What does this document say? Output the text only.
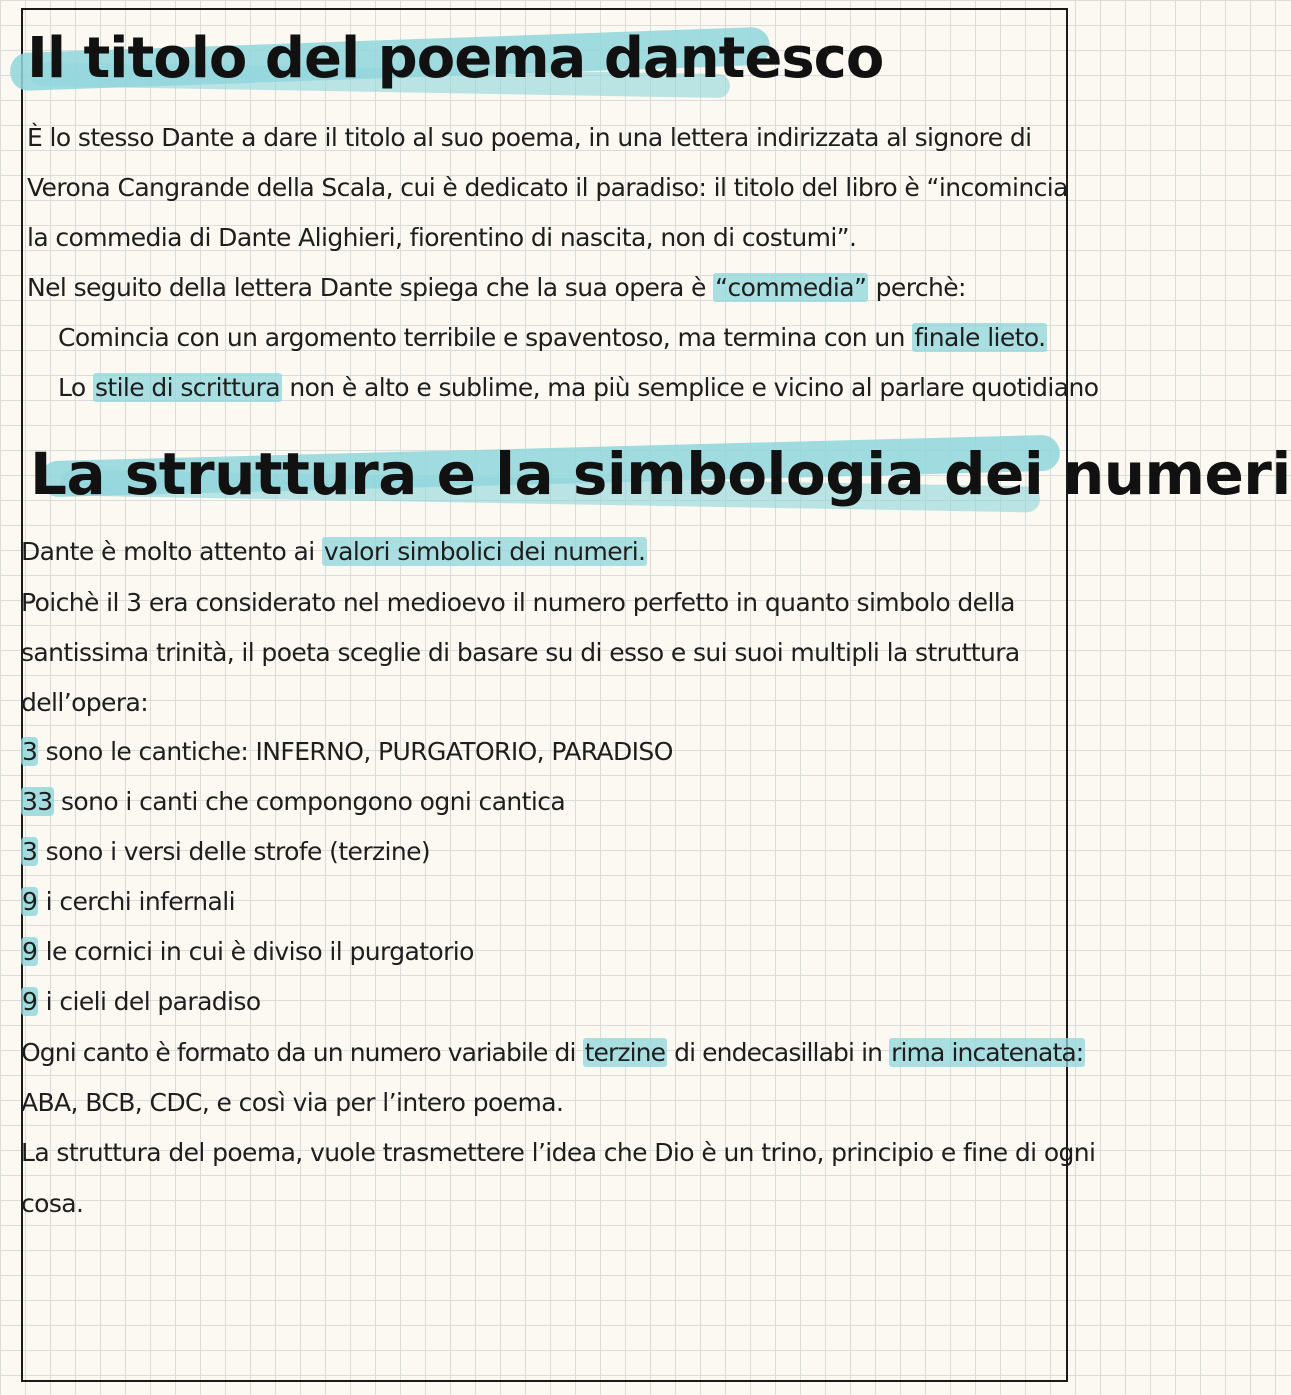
Il titolo del poema dantesco

È lo stesso Dante a dare il titolo al suo poema, in una lettera indirizzata al signore di

Verona Cangrande della Scala, cui è dedicato il paradiso: il titolo del libro è “incomincia

la commedia di Dante Alighieri, fiorentino di nascita, non di costumi”.

Nel seguito della lettera Dante spiega che la sua opera è “commedia” perchè:

Comincia con un argomento terribile e spaventoso, ma termina con un finale lieto.

Lo stile di scrittura non è alto e sublime, ma più semplice e vicino al parlare quotidiano

La struttura e la simbologia dei numeri

Dante è molto attento ai valori simbolici dei numeri.

Poichè il 3 era considerato nel medioevo il numero perfetto in quanto simbolo della

santissima trinità, il poeta sceglie di basare su di esso e sui suoi multipli la struttura

dell’opera:

3 sono le cantiche: INFERNO, PURGATORIO, PARADISO

33 sono i canti che compongono ogni cantica

3 sono i versi delle strofe (terzine)

9 i cerchi infernali

9 le cornici in cui è diviso il purgatorio

9 i cieli del paradiso

Ogni canto è formato da un numero variabile di terzine di endecasillabi in rima incatenata:

ABA, BCB, CDC, e così via per l’intero poema.

La struttura del poema, vuole trasmettere l’idea che Dio è un trino, principio e fine di ogni

cosa.
